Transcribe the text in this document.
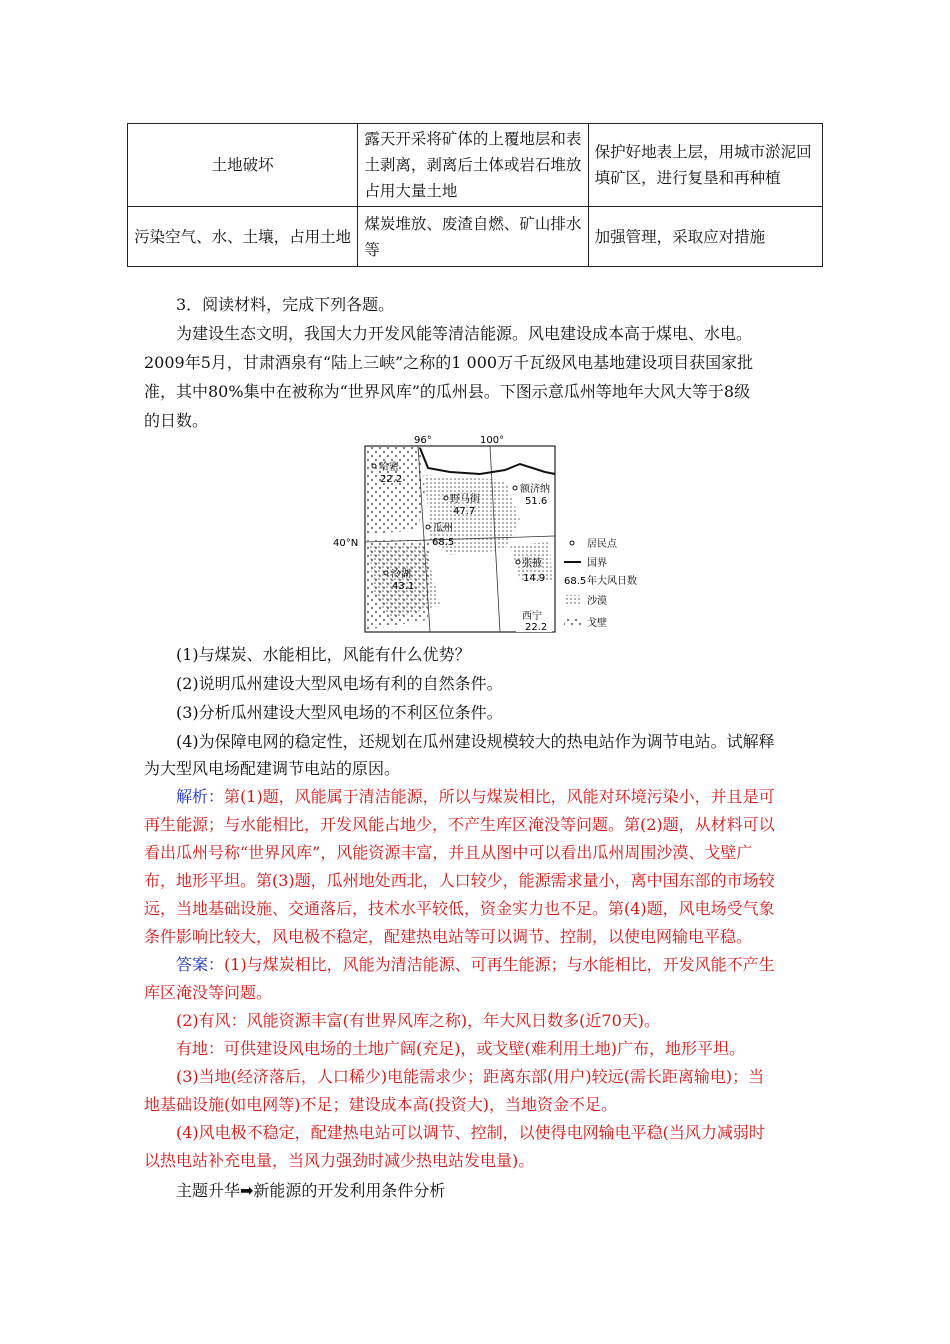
土地破坏	露天开采将矿体的上覆地层和表土剥离，剥离后土体或岩石堆放占用大量土地	保护好地表上层，用城市淤泥回填矿区，进行复垦和再种植
污染空气、水、土壤，占用土地	煤炭堆放、废渣自燃、矿山排水等	加强管理，采取应对措施
3．阅读材料，完成下列各题。
为建设生态文明，我国大力开发风能等清洁能源。风电建设成本高于煤电、水电。
2009年5月，甘肃酒泉有“陆上三峡”之称的1 000万千瓦级风电基地建设项目获国家批
准，其中80%集中在被称为“世界风库”的瓜州县。下图示意瓜州等地年大风大等于8级
的日数。
96°	100°
40°N
哈密
22.2
野马街
47.7
额济纳
51.6
瓜州
68.5
冷湖
43.1
张掖
14.9
西宁
22.2
居民点
国界
68.5 年大风日数
沙漠
戈壁
(1)与煤炭、水能相比，风能有什么优势？
(2)说明瓜州建设大型风电场有利的自然条件。
(3)分析瓜州建设大型风电场的不利区位条件。
(4)为保障电网的稳定性，还规划在瓜州建设规模较大的热电站作为调节电站。试解释
为大型风电场配建调节电站的原因。
解析：第(1)题，风能属于清洁能源，所以与煤炭相比，风能对环境污染小，并且是可
再生能源；与水能相比，开发风能占地少，不产生库区淹没等问题。第(2)题，从材料可以
看出瓜州号称“世界风库”，风能资源丰富，并且从图中可以看出瓜州周围沙漠、戈壁广
布，地形平坦。第(3)题，瓜州地处西北，人口较少，能源需求量小，离中国东部的市场较
远，当地基础设施、交通落后，技术水平较低，资金实力也不足。第(4)题，风电场受气象
条件影响比较大，风电极不稳定，配建热电站等可以调节、控制，以使电网输电平稳。
答案：(1)与煤炭相比，风能为清洁能源、可再生能源；与水能相比，开发风能不产生
库区淹没等问题。
(2)有风：风能资源丰富(有世界风库之称)，年大风日数多(近70天)。
有地：可供建设风电场的土地广阔(充足)，或戈壁(难利用土地)广布，地形平坦。
(3)当地(经济落后，人口稀少)电能需求少；距离东部(用户)较远(需长距离输电)；当
地基础设施(如电网等)不足；建设成本高(投资大)，当地资金不足。
(4)风电极不稳定，配建热电站可以调节、控制，以使得电网输电平稳(当风力减弱时
以热电站补充电量，当风力强劲时减少热电站发电量)。
主题升华➡新能源的开发利用条件分析
